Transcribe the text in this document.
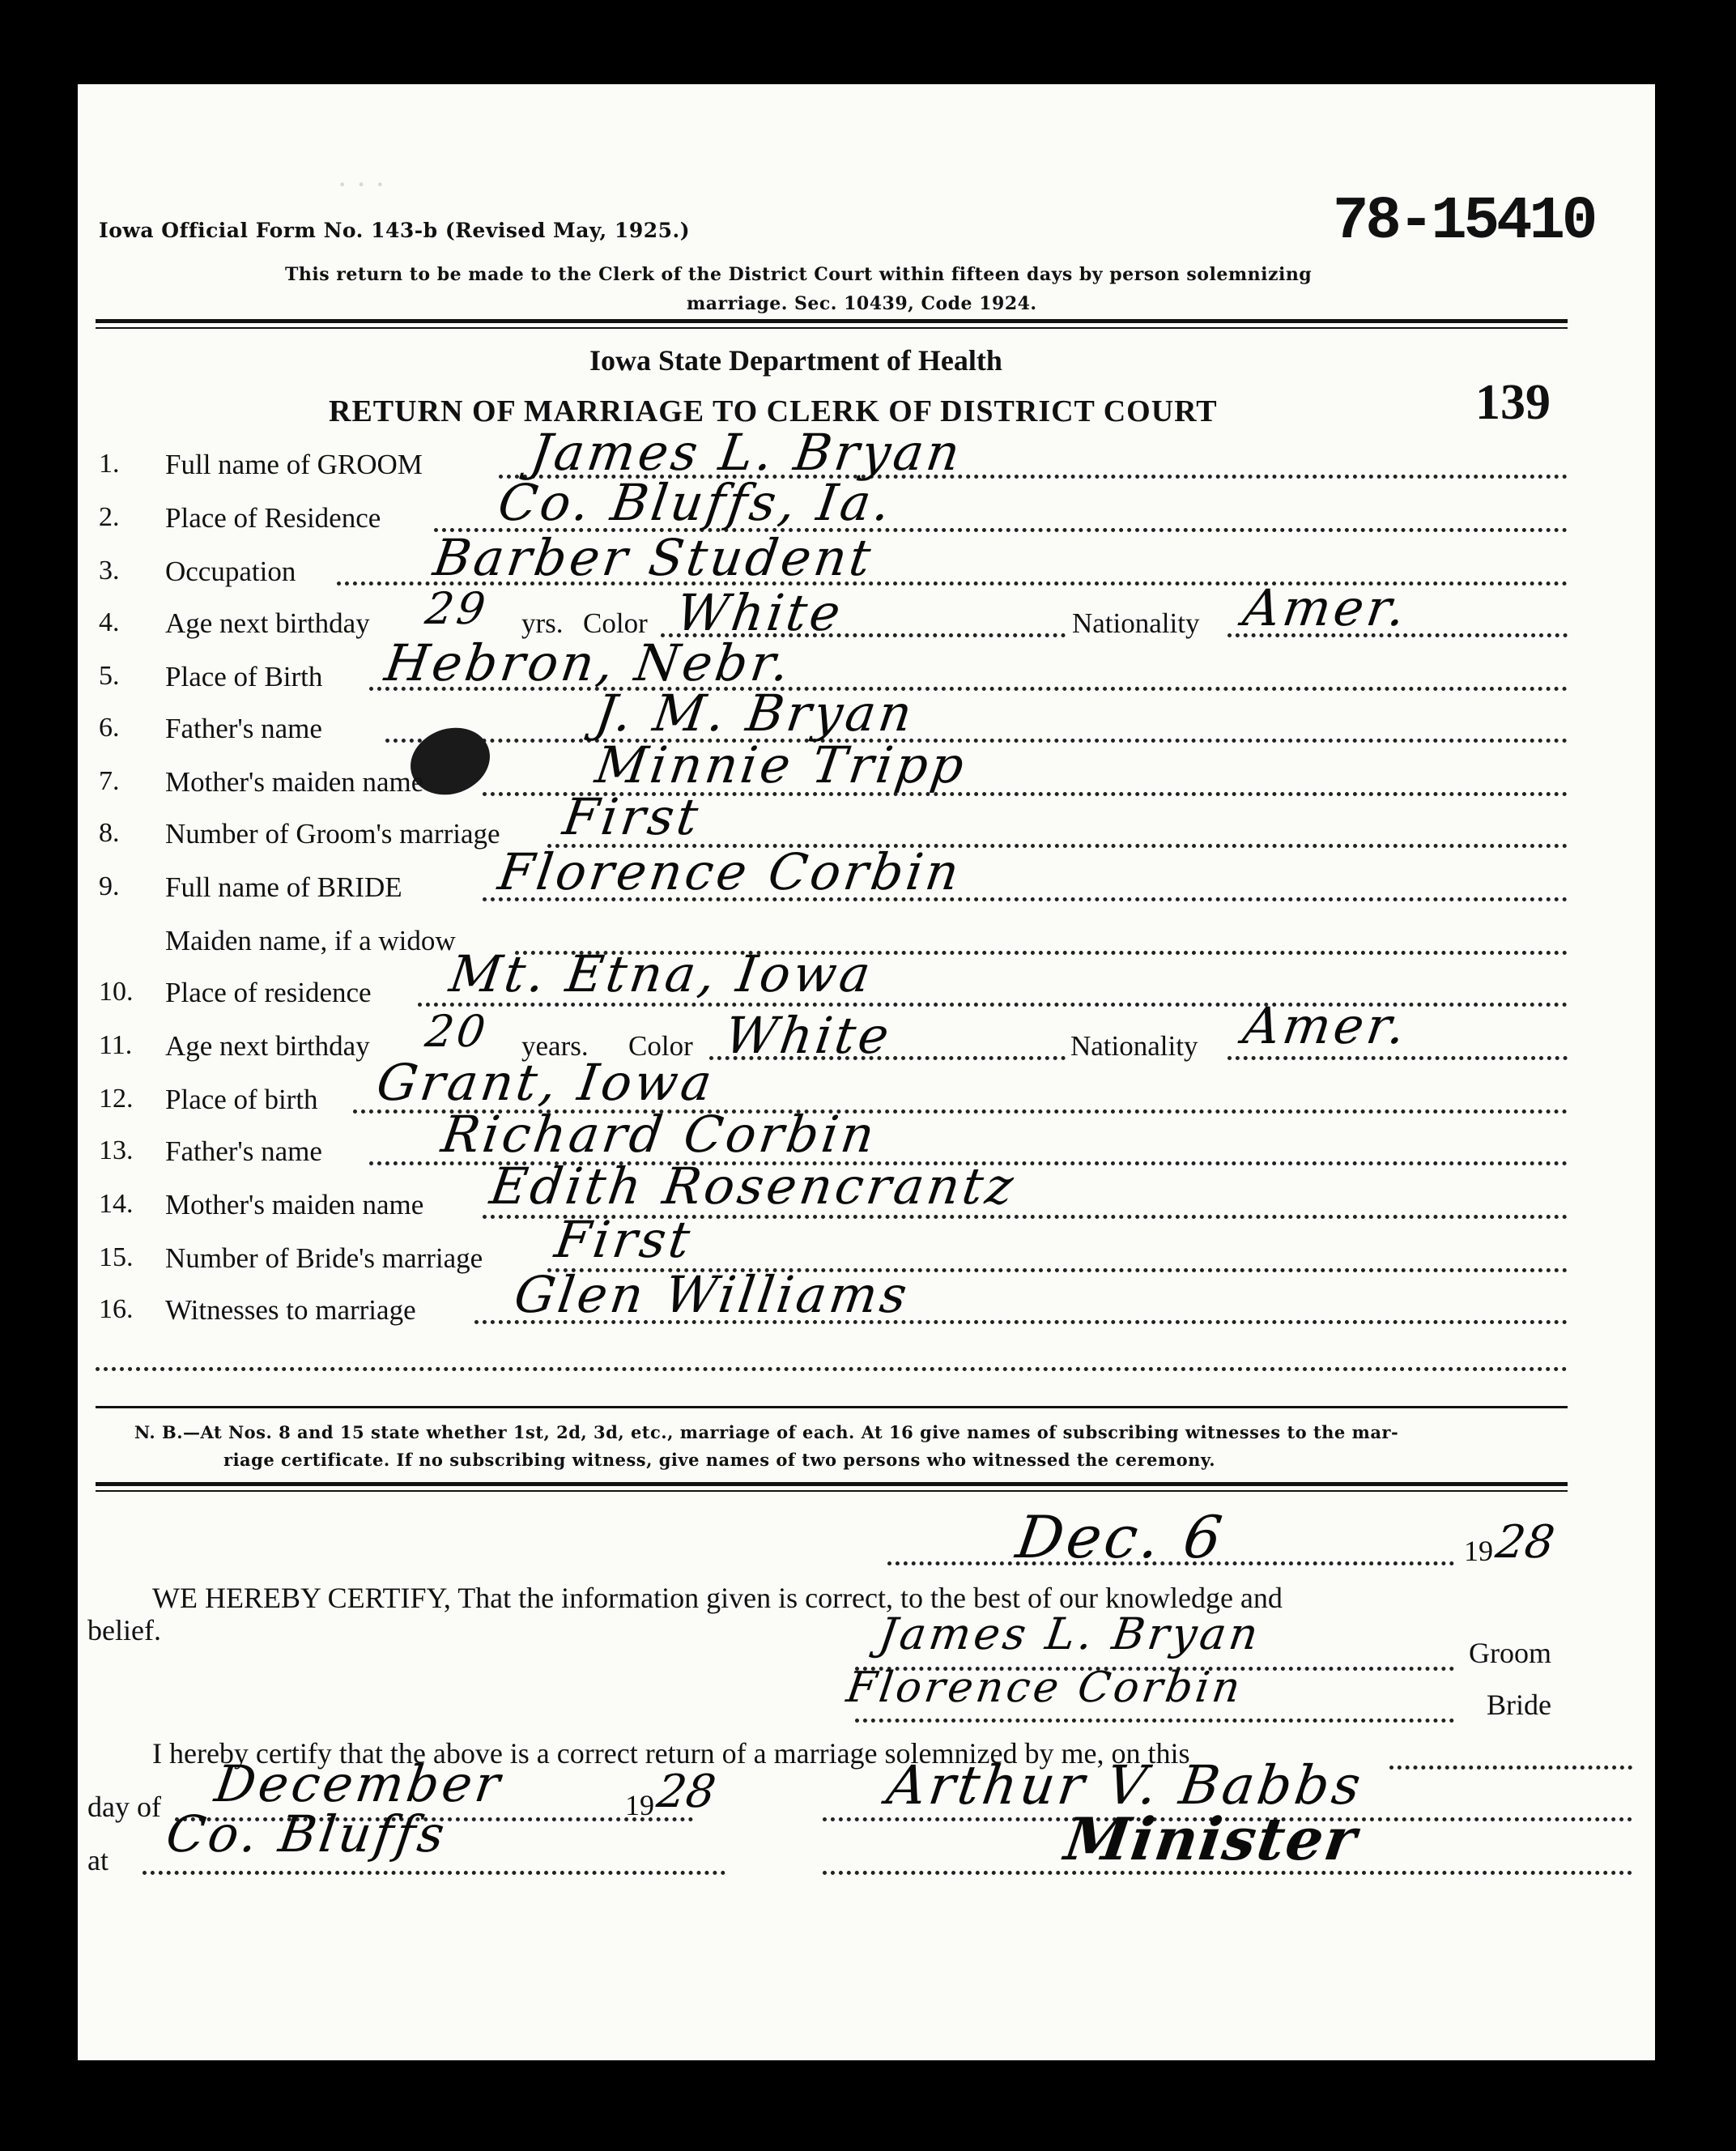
· · ·
Iowa Official Form No. 143-b (Revised May, 1925.)	78-15410
This return to be made to the Clerk of the District Court within fifteen days by person solemnizing
marriage. Sec. 10439, Code 1924.
Iowa State Department of Health
RETURN OF MARRIAGE TO CLERK OF DISTRICT COURT	139
1.	Full name of GROOM James L. Bryan
2.	Place of Residence Co. Bluffs, Ia.
3.	Occupation	Barber Student
4.	Age next birthday 29 yrs. Color White	Nationality Amer.
5.	Place of Birth Hebron, Nebr.
6.	Father's name	J. M. Bryan
7.	Mother's maiden name	Minnie Tripp
8.	Number of Groom's marriage First
9.	Full name of BRIDE Florence Corbin
Maiden name, if a widow
10.	Place of residence Mt. Etna, Iowa
11.	Age next birthday 20 years. Color White	Nationality Amer.
12.	Place of birth Grant, Iowa
13.	Father's name Richard Corbin
14.	Mother's maiden name Edith Rosencrantz
15.	Number of Bride's marriage First
16.	Witnesses to marriage Glen Williams
N. B.—At Nos. 8 and 15 state whether 1st, 2d, 3d, etc., marriage of each. At 16 give names of subscribing witnesses to the mar-
riage certificate. If no subscribing witness, give names of two persons who witnessed the ceremony.
Dec. 6	19 28
WE HEREBY CERTIFY, That the information given is correct, to the best of our knowledge and
belief.	James L. Bryan	Groom
Florence Corbin	Bride
I hereby certify that the above is a correct return of a marriage solemnized by me, on this
day of December	19 28	Arthur V. Babbs
at Co. Bluffs	Minister
